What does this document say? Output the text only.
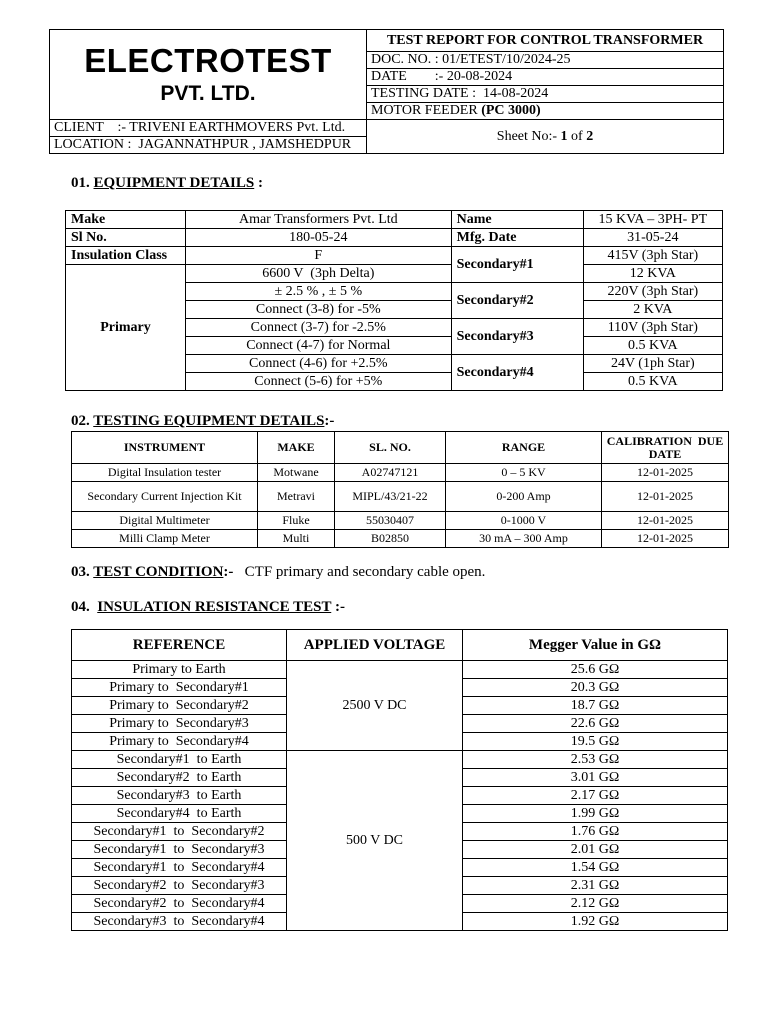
ELECTROTEST
PVT. LTD.	TEST REPORT FOR CONTROL TRANSFORMER
	DOC. NO. : 01/ETEST/10/2024-25
	DATE        :- 20-08-2024
	TESTING DATE :  14-08-2024
	MOTOR FEEDER (PC 3000)
CLIENT    :- TRIVENI EARTHMOVERS Pvt. Ltd.	Sheet No:- 1 of 2
LOCATION :  JAGANNATHPUR , JAMSHEDPUR	
01. EQUIPMENT DETAILS :
Make	Amar Transformers Pvt. Ltd	Name	15 KVA – 3PH- PT
Sl No.	180-05-24	Mfg. Date	31-05-24
Insulation Class	F	Secondary#1	415V (3ph Star)
Primary	6600 V  (3ph Delta)		12 KVA
	± 2.5 % , ± 5 %	Secondary#2	220V (3ph Star)
	Connect (3-8) for -5%		2 KVA
	Connect (3-7) for -2.5%	Secondary#3	110V (3ph Star)
	Connect (4-7) for Normal		0.5 KVA
	Connect (4-6) for +2.5%	Secondary#4	24V (1ph Star)
	Connect (5-6) for +5%		0.5 KVA
02. TESTING EQUIPMENT DETAILS:-
INSTRUMENT	MAKE	SL. NO.	RANGE	CALIBRATION  DUE DATE
Digital Insulation tester	Motwane	A02747121	0 – 5 KV	12-01-2025
Secondary Current Injection Kit	Metravi	MIPL/43/21-22	0-200 Amp	12-01-2025
Digital Multimeter	Fluke	55030407	0-1000 V	12-01-2025
Milli Clamp Meter	Multi	B02850	30 mA – 300 Amp	12-01-2025
03. TEST CONDITION:-   CTF primary and secondary cable open.
04.  INSULATION RESISTANCE TEST :-
REFERENCE	APPLIED VOLTAGE	Megger Value in GΩ
Primary to Earth	2500 V DC	25.6 GΩ
Primary to  Secondary#1		20.3 GΩ
Primary to  Secondary#2		18.7 GΩ
Primary to  Secondary#3		22.6 GΩ
Primary to  Secondary#4		19.5 GΩ
Secondary#1  to Earth	500 V DC	2.53 GΩ
Secondary#2  to Earth		3.01 GΩ
Secondary#3  to Earth		2.17 GΩ
Secondary#4  to Earth		1.99 GΩ
Secondary#1  to  Secondary#2		1.76 GΩ
Secondary#1  to  Secondary#3		2.01 GΩ
Secondary#1  to  Secondary#4		1.54 GΩ
Secondary#2  to  Secondary#3		2.31 GΩ
Secondary#2  to  Secondary#4		2.12 GΩ
Secondary#3  to  Secondary#4		1.92 GΩ
